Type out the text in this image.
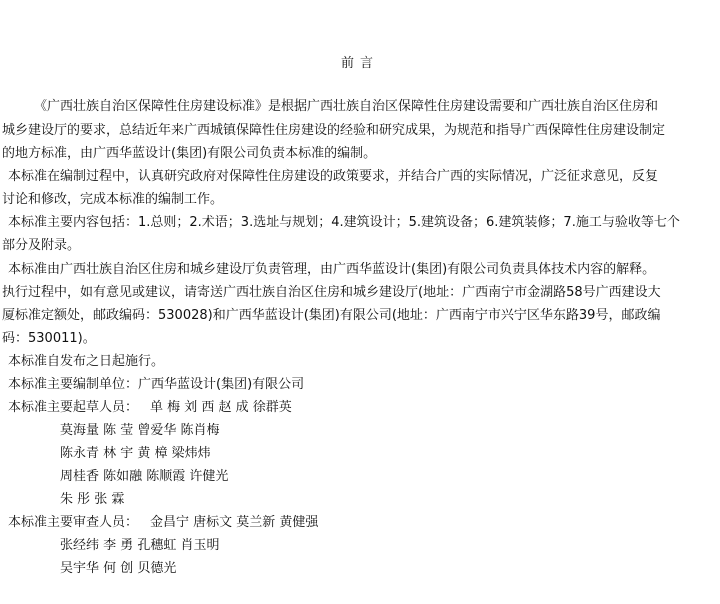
前言
《广西壮族自治区保障性住房建设标准》是根据广西壮族自治区保障性住房建设需要和广西壮族自治区住房和
城乡建设厅的要求，总结近年来广西城镇保障性住房建设的经验和研究成果，为规范和指导广西保障性住房建设制定
的地方标准，由广西华蓝设计(集团)有限公司负责本标准的编制。
本标准在编制过程中，认真研究政府对保障性住房建设的政策要求，并结合广西的实际情况，广泛征求意见，反复
讨论和修改，完成本标准的编制工作。
本标准主要内容包括：1.总则；2.术语；3.选址与规划；4.建筑设计；5.建筑设备；6.建筑装修；7.施工与验收等七个
部分及附录。
本标准由广西壮族自治区住房和城乡建设厅负责管理，由广西华蓝设计(集团)有限公司负责具体技术内容的解释。
执行过程中，如有意见或建议，请寄送广西壮族自治区住房和城乡建设厅(地址：广西南宁市金湖路58号广西建设大
厦标准定额处，邮政编码：530028)和广西华蓝设计(集团)有限公司(地址：广西南宁市兴宁区华东路39号，邮政编
码：530011)。
本标准自发布之日起施行。
本标准主要编制单位：广西华蓝设计(集团)有限公司
本标准主要起草人员： 单 梅 刘 西 赵 成 徐群英
莫海量 陈 莹 曾爱华 陈肖梅
陈永青 林 宇 黄 樟 梁炜炜
周桂香 陈如融 陈顺霞 许健光
朱 彤 张 霖
本标准主要审查人员： 金昌宁 唐标文 莫兰新 黄健强
张经纬 李 勇 孔穗虹 肖玉明
吴宇华 何 创 贝德光
